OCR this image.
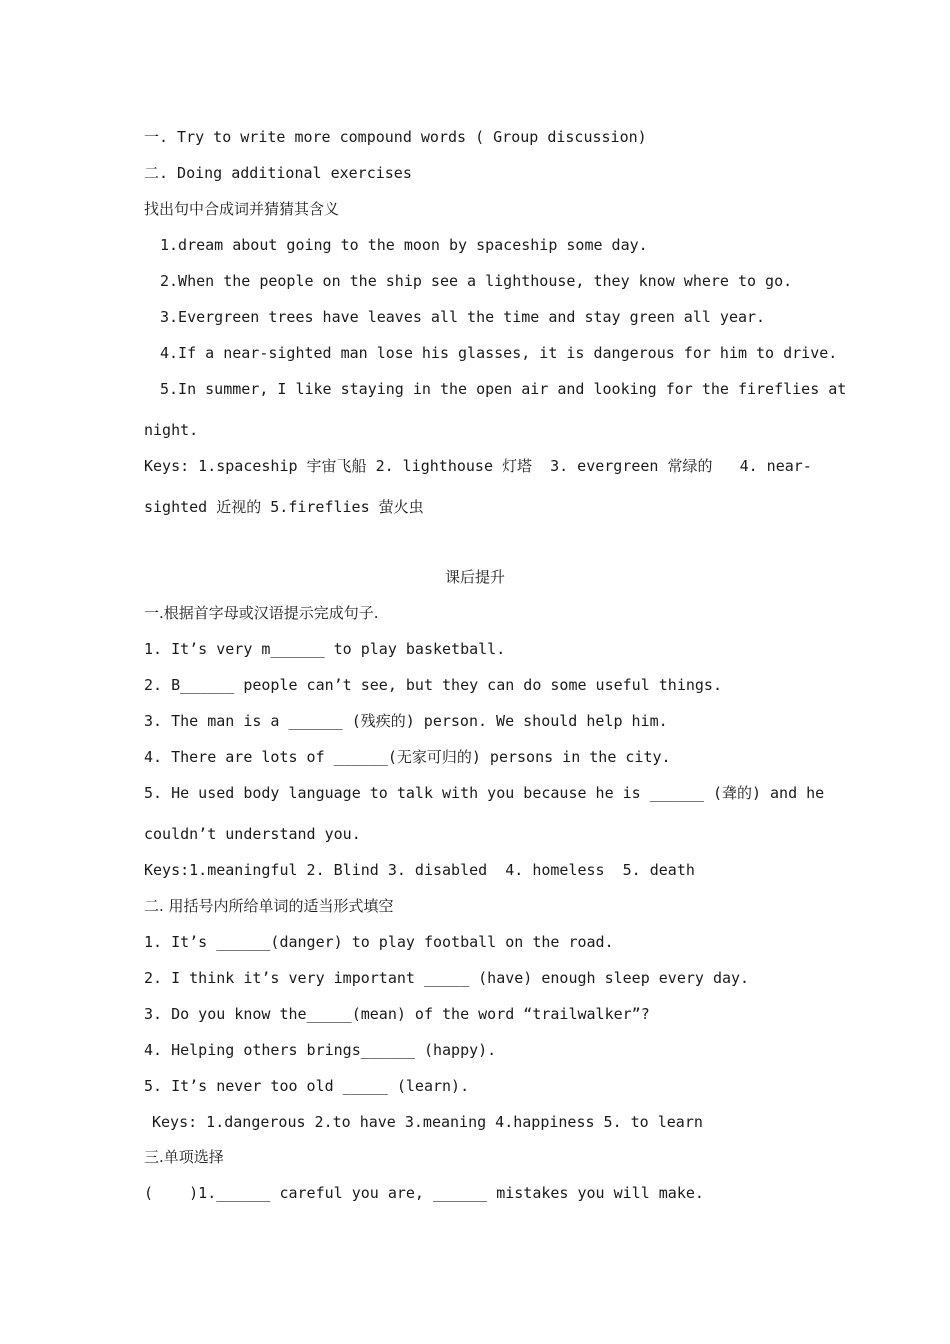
一. Try to write more compound words ( Group discussion)
二. Doing additional exercises
找出句中合成词并猜猜其含义
1.dream about going to the moon by spaceship some day.
2.When the people on the ship see a lighthouse, they know where to go.
3.Evergreen trees have leaves all the time and stay green all year.
4.If a near-sighted man lose his glasses, it is dangerous for him to drive.
5.In summer, I like staying in the open air and looking for the fireflies at
night.
Keys: 1.spaceship 宇宙飞船 2. lighthouse 灯塔  3. evergreen 常绿的   4. near-
sighted 近视的 5.fireflies 萤火虫
课后提升
一.根据首字母或汉语提示完成句子.
1. It’s very m______ to play basketball.
2. B______ people can’t see, but they can do some useful things.
3. The man is a ______ (残疾的) person. We should help him.
4. There are lots of ______(无家可归的) persons in the city.
5. He used body language to talk with you because he is ______ (聋的) and he
couldn’t understand you.
Keys:1.meaningful 2. Blind 3. disabled  4. homeless  5. death
二. 用括号内所给单词的适当形式填空
1. It’s ______(danger) to play football on the road.
2. I think it’s very important _____ (have) enough sleep every day.
3. Do you know the_____(mean) of the word “trailwalker”?
4. Helping others brings______ (happy).
5. It’s never too old _____ (learn).
Keys: 1.dangerous 2.to have 3.meaning 4.happiness 5. to learn
三.单项选择
(    )1.______ careful you are, ______ mistakes you will make.
